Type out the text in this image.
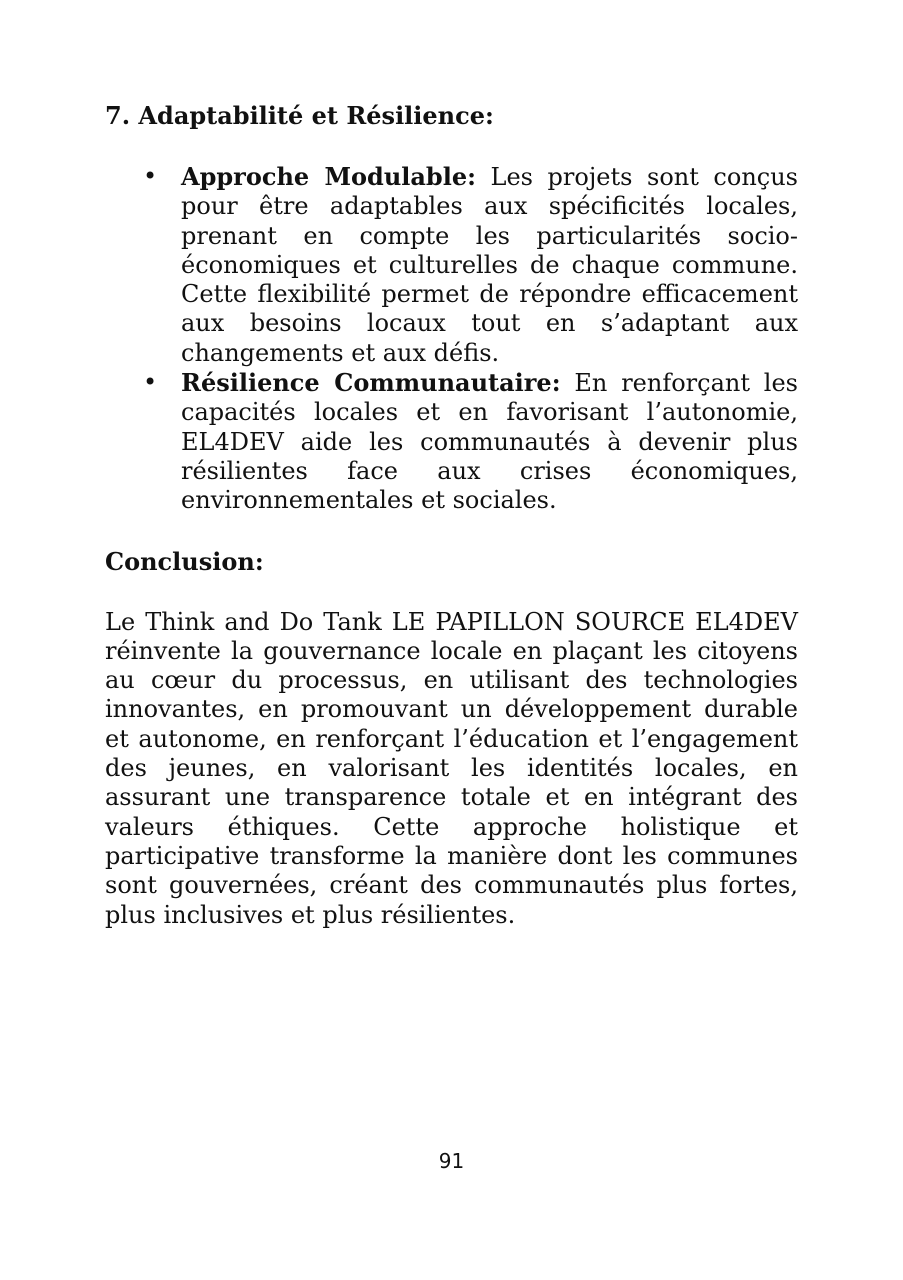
7. Adaptabilité et Résilience:
• Approche Modulable: Les projets sont conçus pour être adaptables aux spécificités locales, prenant en compte les particularités socio-économiques et culturelles de chaque commune. Cette flexibilité permet de répondre efficacement aux besoins locaux tout en s’adaptant aux changements et aux défis.
• Résilience Communautaire: En renforçant les capacités locales et en favorisant l’autonomie, EL4DEV aide les communautés à devenir plus résilientes face aux crises économiques, environnementales et sociales.
Conclusion:

Le Think and Do Tank LE PAPILLON SOURCE EL4DEV réinvente la gouvernance locale en plaçant les citoyens au cœur du processus, en utilisant des technologies innovantes, en promouvant un développement durable et autonome, en renforçant l’éducation et l’engagement des jeunes, en valorisant les identités locales, en assurant une transparence totale et en intégrant des valeurs éthiques. Cette approche holistique et participative transforme la manière dont les communes sont gouvernées, créant des communautés plus fortes, plus inclusives et plus résilientes.

91
